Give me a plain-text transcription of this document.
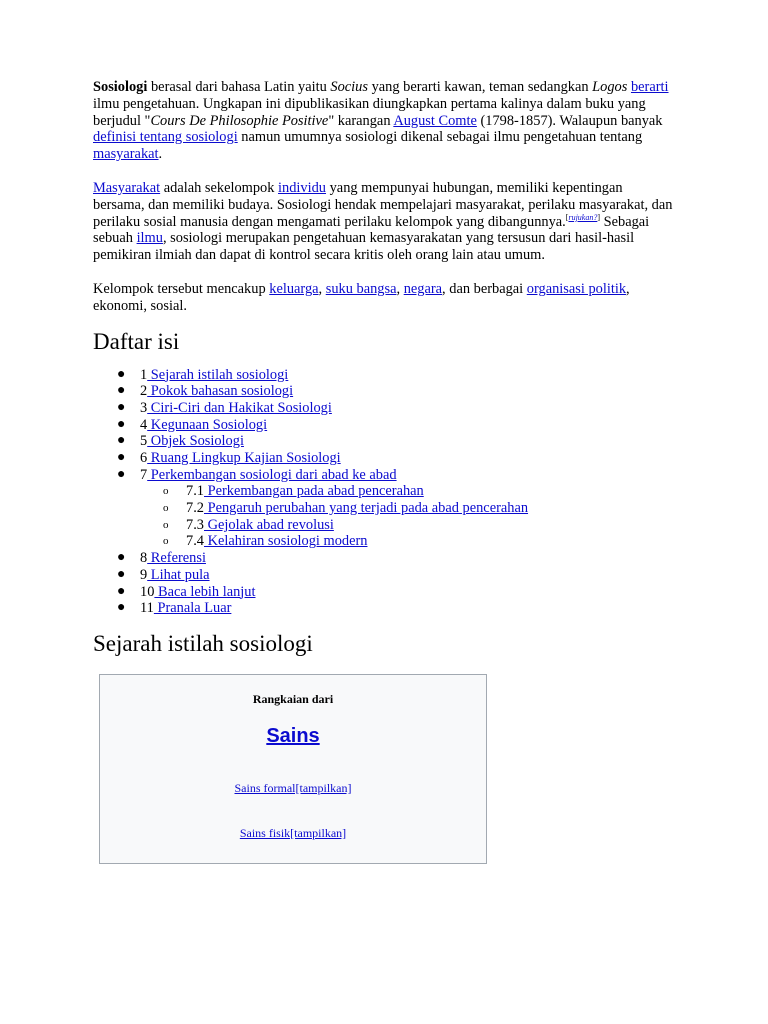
Sosiologi berasal dari bahasa Latin yaitu Socius yang berarti kawan, teman sedangkan Logos berarti ilmu pengetahuan. Ungkapan ini dipublikasikan diungkapkan pertama kalinya dalam buku yang berjudul "Cours De Philosophie Positive" karangan August Comte (1798-1857). Walaupun banyak definisi tentang sosiologi namun umumnya sosiologi dikenal sebagai ilmu pengetahuan tentang masyarakat.

Masyarakat adalah sekelompok individu yang mempunyai hubungan, memiliki kepentingan bersama, dan memiliki budaya. Sosiologi hendak mempelajari masyarakat, perilaku masyarakat, dan perilaku sosial manusia dengan mengamati perilaku kelompok yang dibangunnya.[rujukan?] Sebagai sebuah ilmu, sosiologi merupakan pengetahuan kemasyarakatan yang tersusun dari hasil-hasil pemikiran ilmiah dan dapat di kontrol secara kritis oleh orang lain atau umum.

Kelompok tersebut mencakup keluarga, suku bangsa, negara, dan berbagai organisasi politik, ekonomi, sosial.

Daftar isi
● 1 Sejarah istilah sosiologi
● 2 Pokok bahasan sosiologi
● 3 Ciri-Ciri dan Hakikat Sosiologi
● 4 Kegunaan Sosiologi
● 5 Objek Sosiologi
● 6 Ruang Lingkup Kajian Sosiologi
● 7 Perkembangan sosiologi dari abad ke abad
o 7.1 Perkembangan pada abad pencerahan
o 7.2 Pengaruh perubahan yang terjadi pada abad pencerahan
o 7.3 Gejolak abad revolusi
o 7.4 Kelahiran sosiologi modern
● 8 Referensi
● 9 Lihat pula
● 10 Baca lebih lanjut
● 11 Pranala Luar
Sejarah istilah sosiologi
Rangkaian dari
Sains
Sains formal[tampilkan]
Sains fisik[tampilkan]
